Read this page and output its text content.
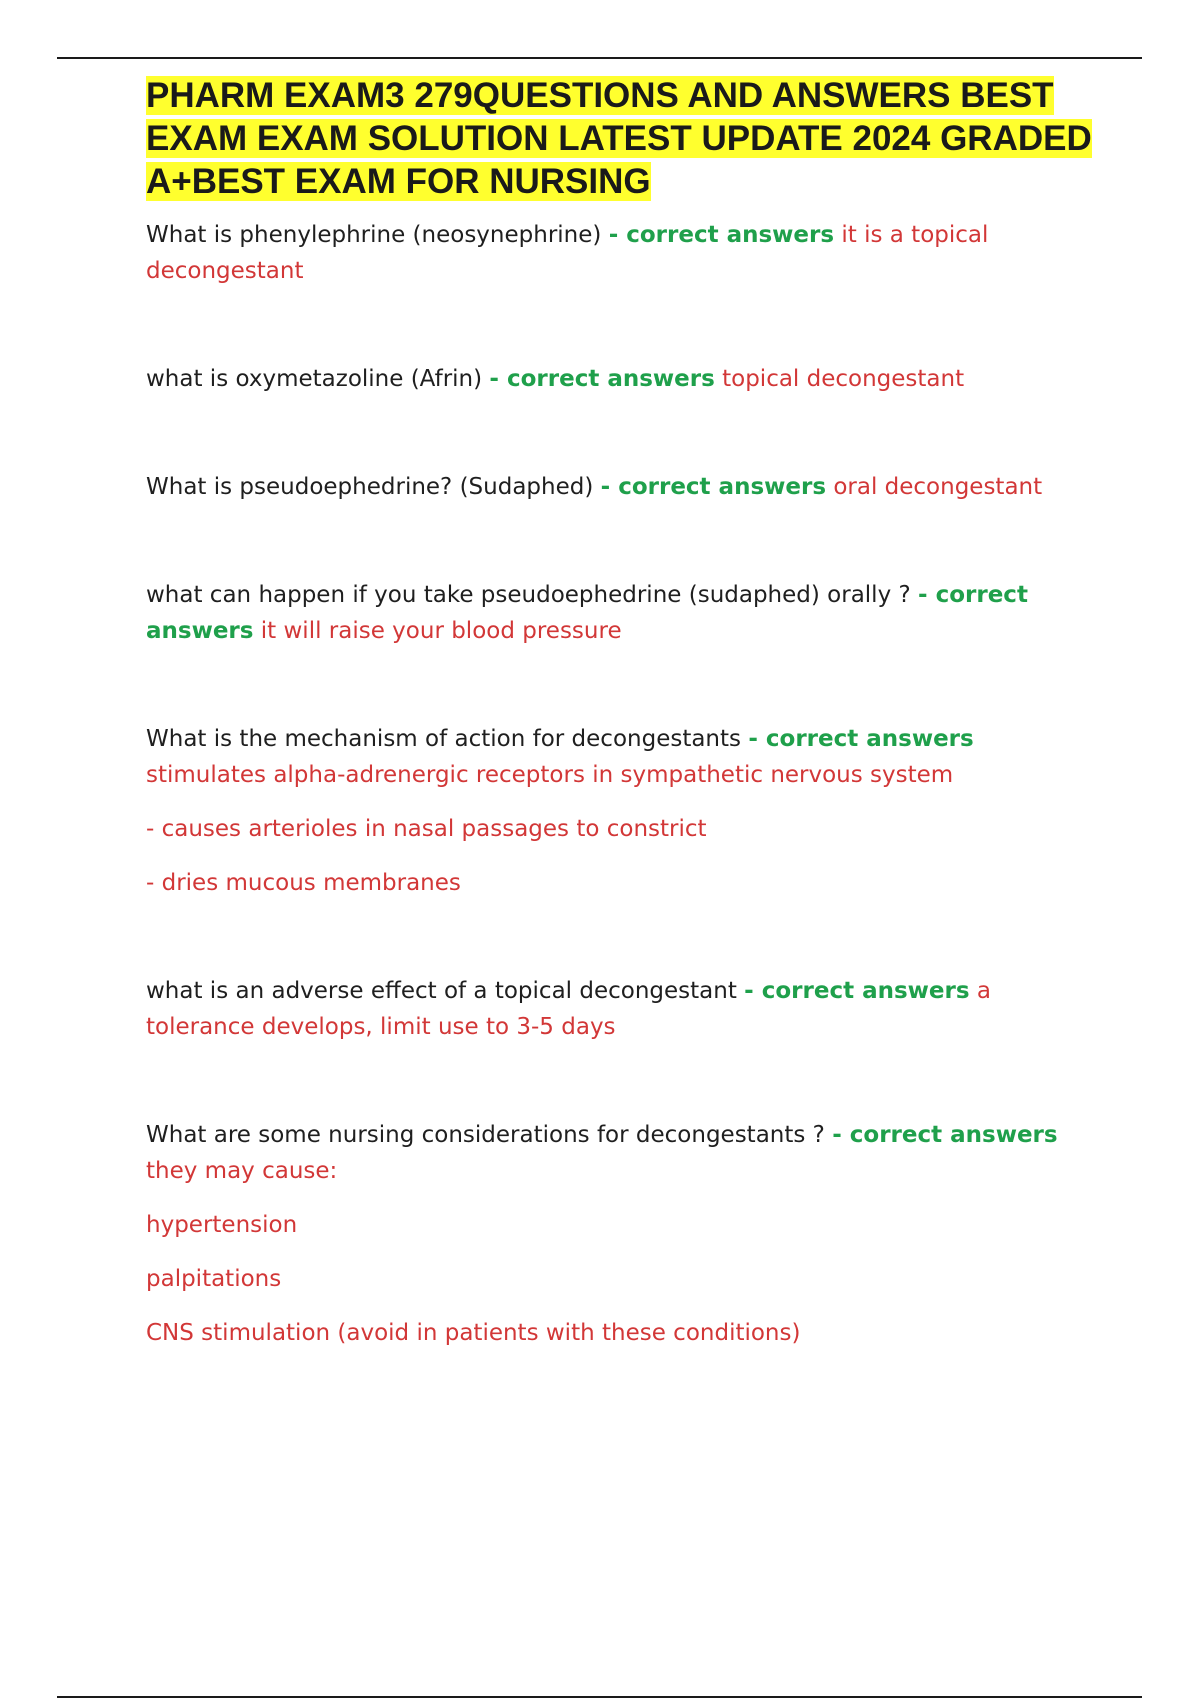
PHARM EXAM3 279QUESTIONS AND ANSWERS BEST EXAM EXAM SOLUTION LATEST UPDATE 2024 GRADED A+BEST EXAM FOR NURSING

What is phenylephrine (neosynephrine) - correct answers it is a topical decongestant

what is oxymetazoline (Afrin) - correct answers topical decongestant

What is pseudoephedrine? (Sudaphed) - correct answers oral decongestant

what can happen if you take pseudoephedrine (sudaphed) orally ? - correct answers it will raise your blood pressure

What is the mechanism of action for decongestants - correct answers stimulates alpha-adrenergic receptors in sympathetic nervous system

- causes arterioles in nasal passages to constrict

- dries mucous membranes

what is an adverse effect of a topical decongestant - correct answers a tolerance develops, limit use to 3-5 days

What are some nursing considerations for decongestants ? - correct answers they may cause:

hypertension

palpitations

CNS stimulation (avoid in patients with these conditions)
